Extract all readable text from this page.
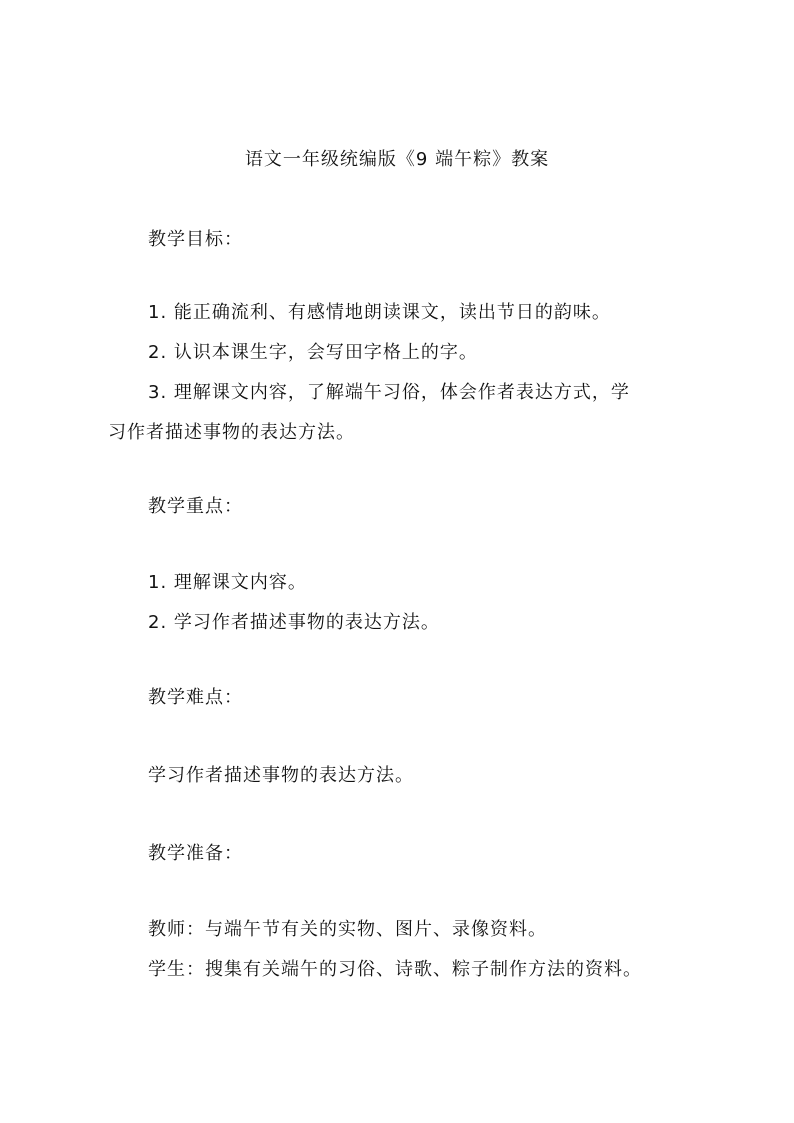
语文一年级统编版《9 端午粽》教案
教学目标：
1. 能正确流利、有感情地朗读课文，读出节日的韵味。
2. 认识本课生字，会写田字格上的字。
3. 理解课文内容，了解端午习俗，体会作者表达方式，学
习作者描述事物的表达方法。
教学重点：
1. 理解课文内容。
2. 学习作者描述事物的表达方法。
教学难点：
学习作者描述事物的表达方法。
教学准备：
教师：与端午节有关的实物、图片、录像资料。
学生：搜集有关端午的习俗、诗歌、粽子制作方法的资料。
